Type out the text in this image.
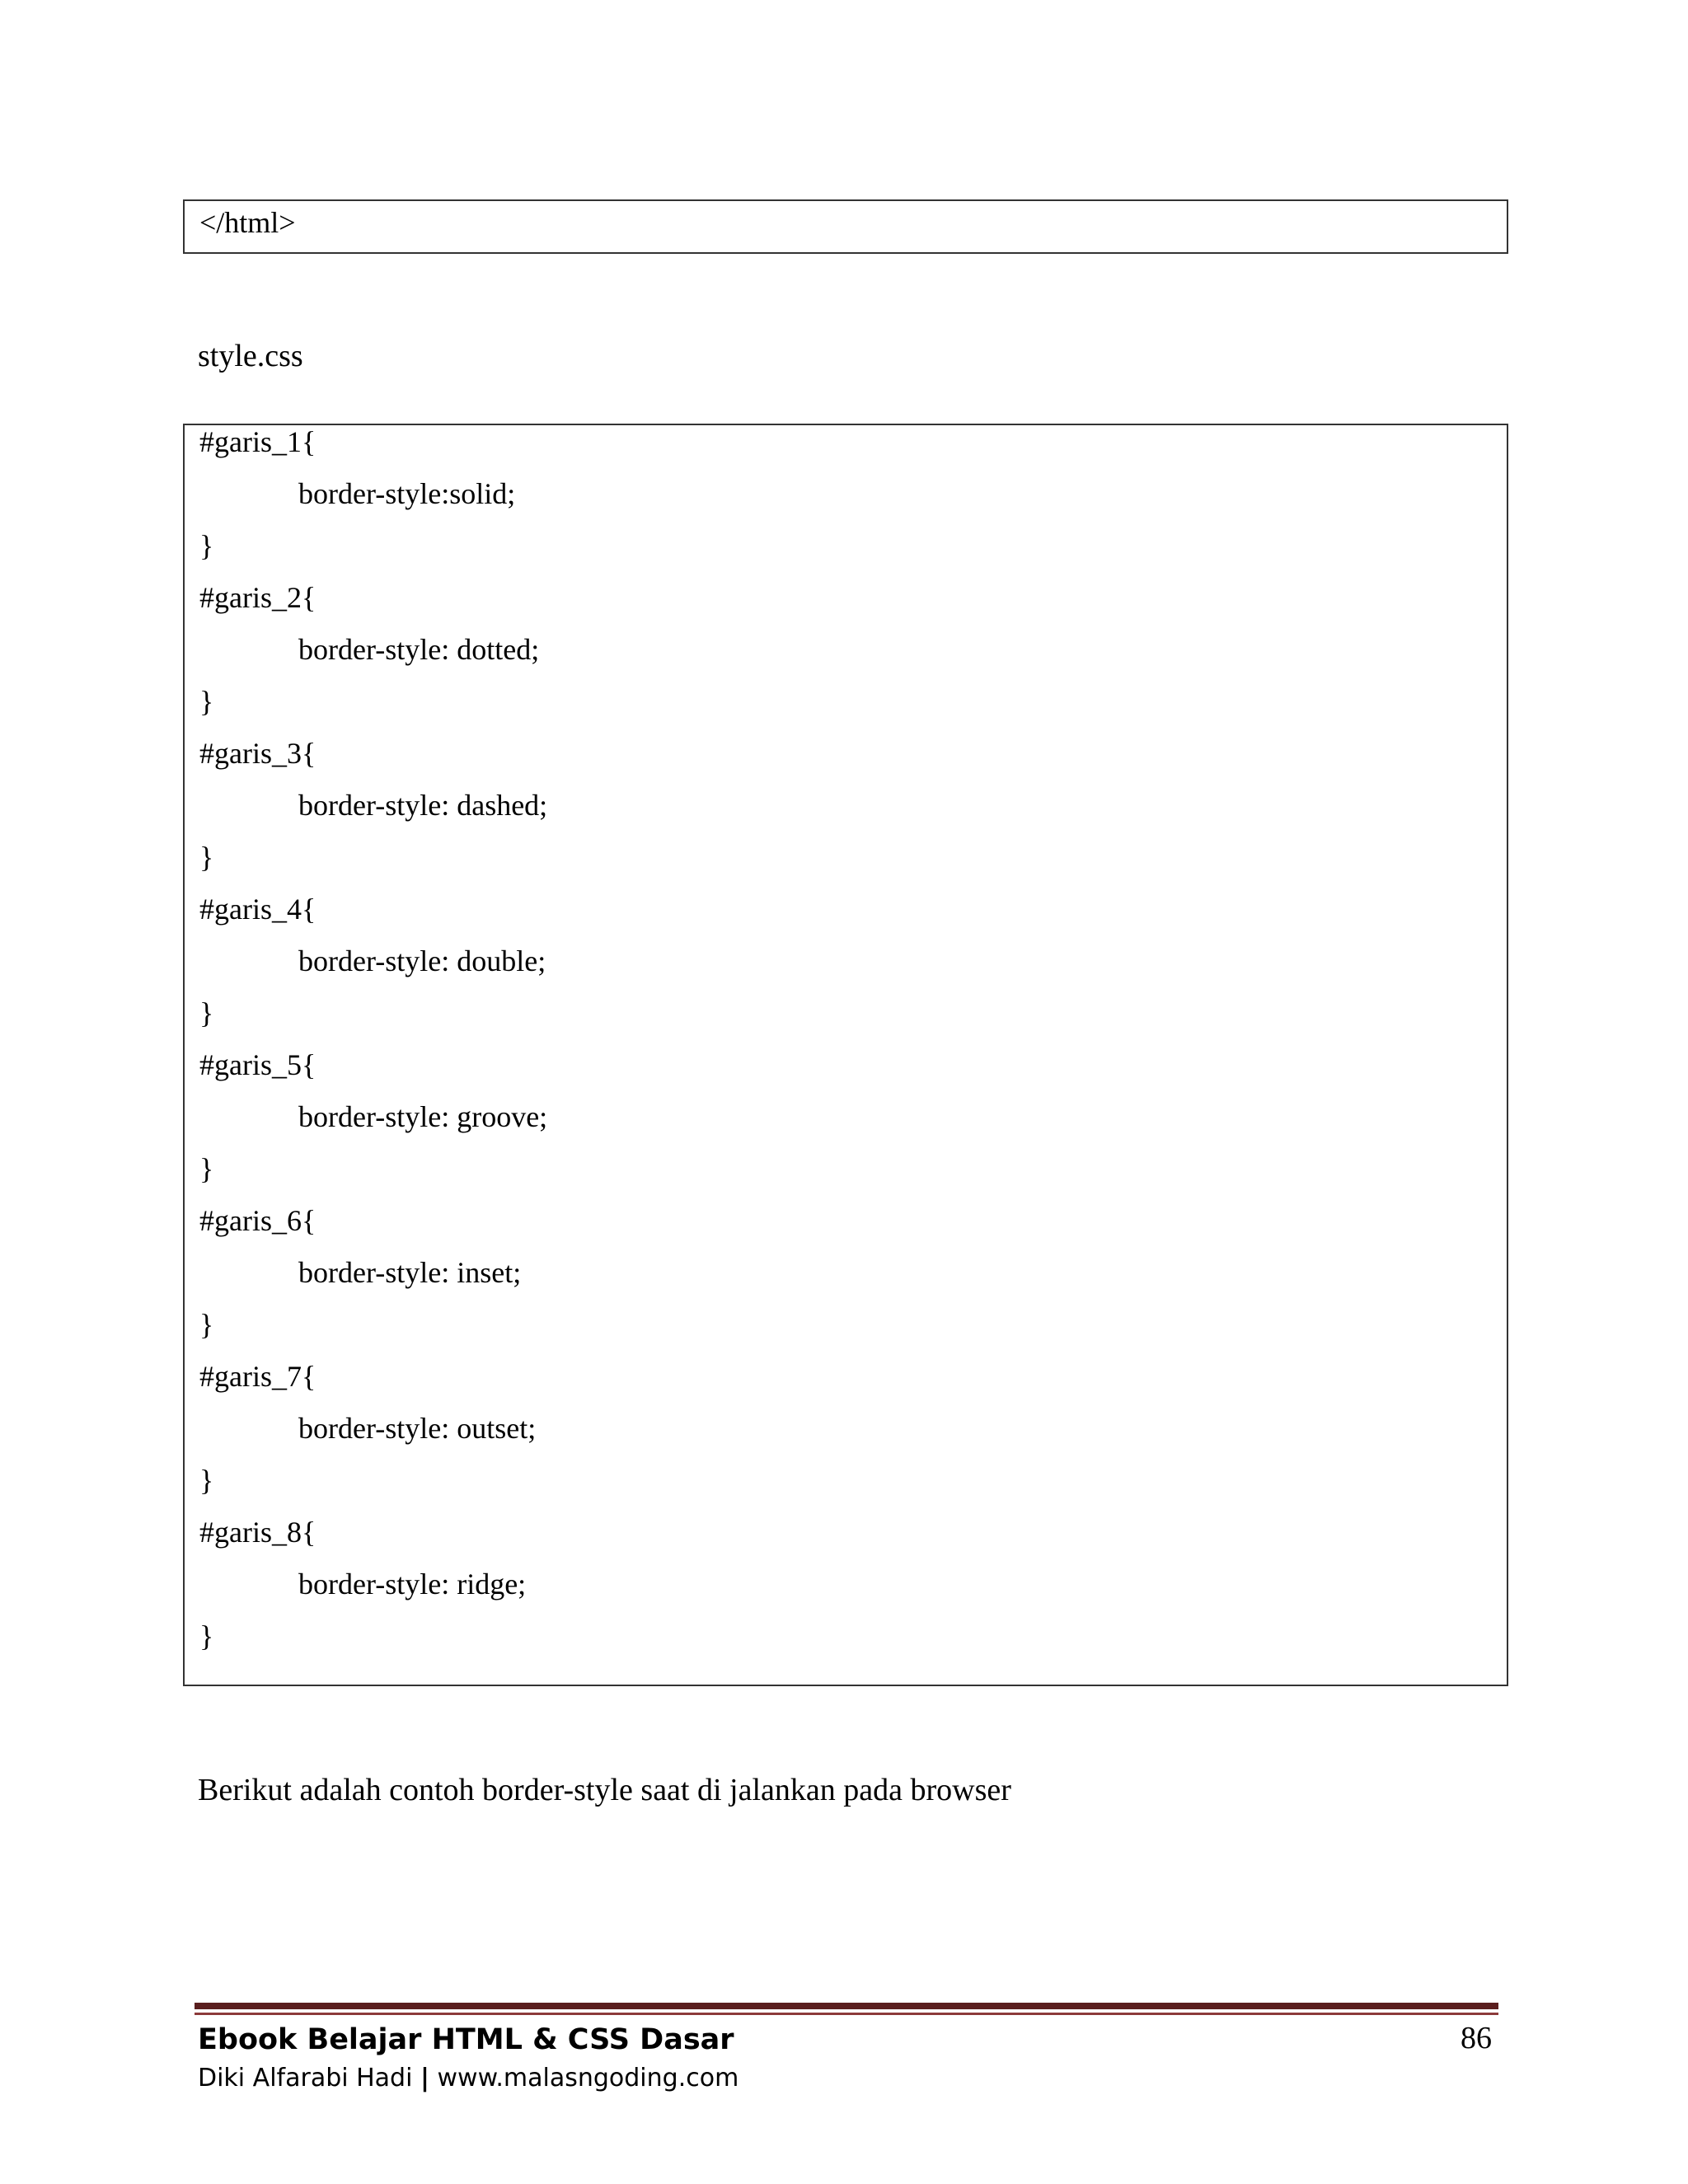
</html>
style.css
#garis_1{
border-style:solid;
}
#garis_2{
border-style: dotted;
}
#garis_3{
border-style: dashed;
}
#garis_4{
border-style: double;
}
#garis_5{
border-style: groove;
}
#garis_6{
border-style: inset;
}
#garis_7{
border-style: outset;
}
#garis_8{
border-style: ridge;
}
Berikut adalah contoh border-style saat di jalankan pada browser
Ebook Belajar HTML & CSS Dasar
Diki Alfarabi Hadi | www.malasngoding.com
86
